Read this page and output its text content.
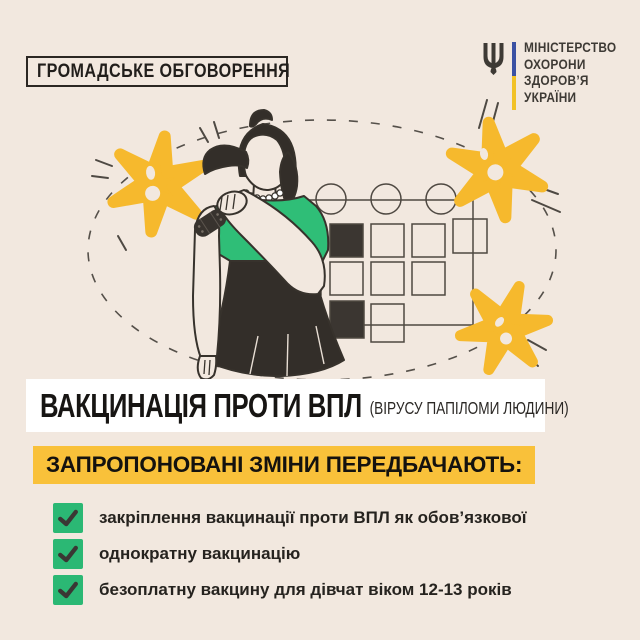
ГРОМАДСЬКЕ ОБГОВОРЕННЯ
МІНІСТЕРСТВО
ОХОРОНИ
ЗДОРОВ’Я
УКРАЇНИ
ВАКЦИНАЦІЯ ПРОТИ ВПЛ (ВІРУСУ ПАПІЛОМИ ЛЮДИНИ)
ЗАПРОПОНОВАНІ ЗМІНИ ПЕРЕДБАЧАЮТЬ:
закріплення вакцинації проти ВПЛ як обов’язкової
однократну вакцинацію
безоплатну вакцину для дівчат віком 12-13 років
